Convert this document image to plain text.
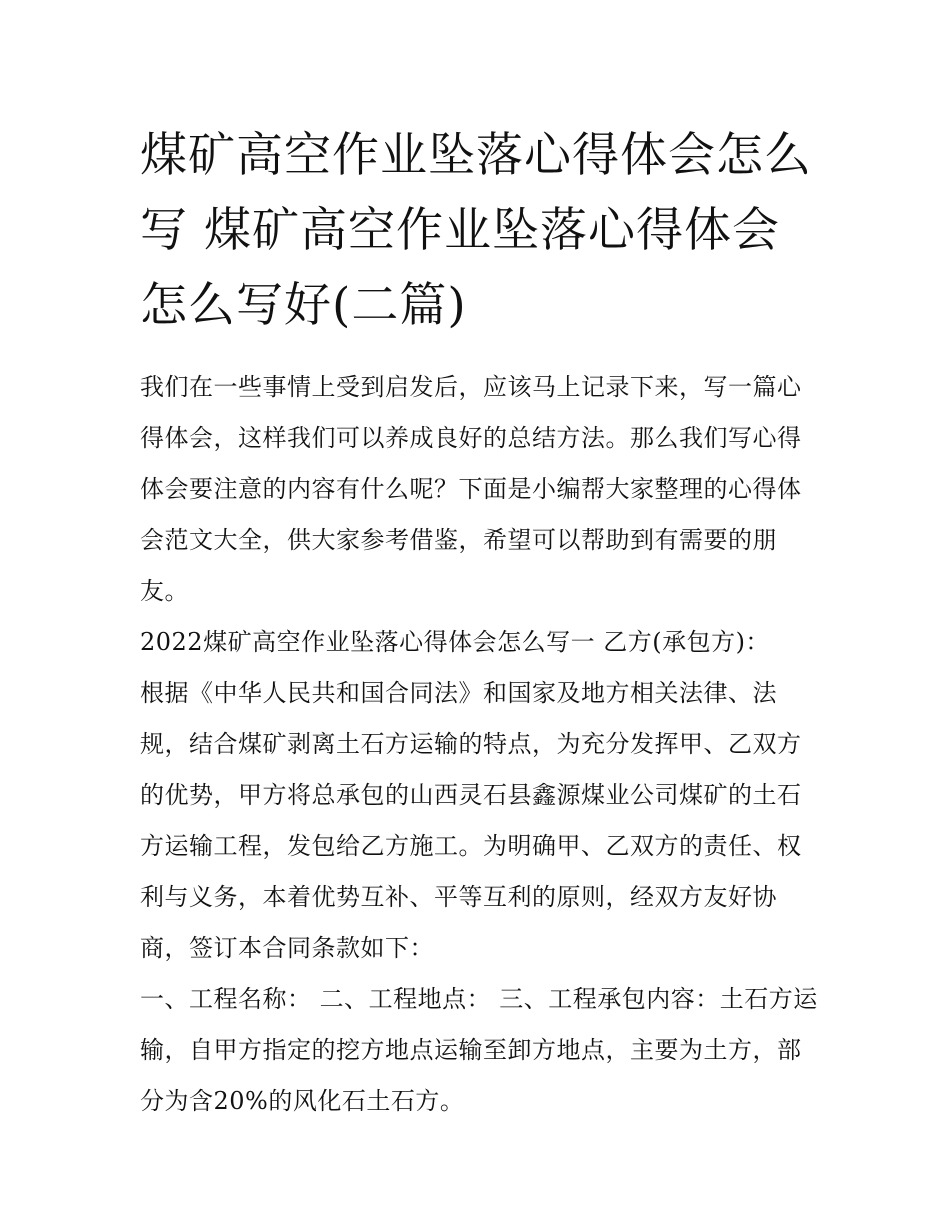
煤矿高空作业坠落心得体会怎么写 煤矿高空作业坠落心得体会怎么写好(二篇)

我们在一些事情上受到启发后，应该马上记录下来，写一篇心得体会，这样我们可以养成良好的总结方法。那么我们写心得体会要注意的内容有什么呢？下面是小编帮大家整理的心得体会范文大全，供大家参考借鉴，希望可以帮助到有需要的朋友。

2022煤矿高空作业坠落心得体会怎么写一 乙方(承包方)：

根据《中华人民共和国合同法》和国家及地方相关法律、法规，结合煤矿剥离土石方运输的特点，为充分发挥甲、乙双方的优势，甲方将总承包的山西灵石县鑫源煤业公司煤矿的土石方运输工程，发包给乙方施工。为明确甲、乙双方的责任、权利与义务，本着优势互补、平等互利的原则，经双方友好协商，签订本合同条款如下：

一、工程名称： 二、工程地点： 三、工程承包内容：土石方运输，自甲方指定的挖方地点运输至卸方地点，主要为土方，部分为含20%的风化石土石方。
